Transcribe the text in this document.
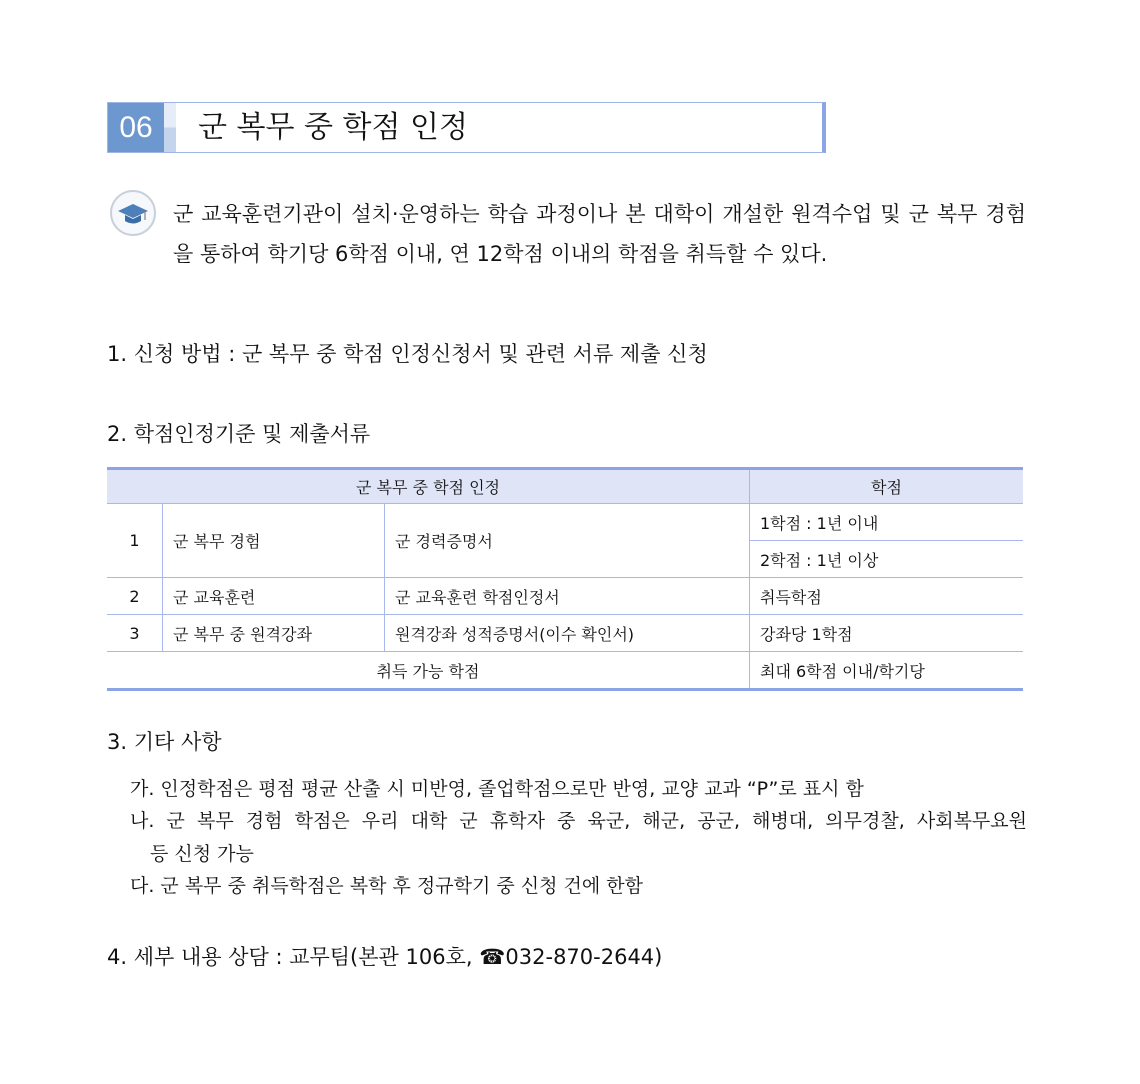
06	군 복무 중 학점 인정
군 교육훈련기관이 설치·운영하는 학습 과정이나 본 대학이 개설한 원격수업 및 군 복무 경험을 통하여 학기당 6학점 이내, 연 12학점 이내의 학점을 취득할 수 있다.
1. 신청 방법 : 군 복무 중 학점 인정신청서 및 관련 서류 제출 신청
2. 학점인정기준 및 제출서류
군 복무 중 학점 인정			학점
1	군 복무 경험	군 경력증명서	1학점 : 1년 이내
			2학점 : 1년 이상
2	군 교육훈련	군 교육훈련 학점인정서	취득학점
3	군 복무 중 원격강좌	원격강좌 성적증명서(이수 확인서)	강좌당 1학점
취득 가능 학점			최대 6학점 이내/학기당
3. 기타 사항
가. 인정학점은 평점 평균 산출 시 미반영, 졸업학점으로만 반영, 교양 교과 “P”로 표시 함
나. 군 복무 경험 학점은 우리 대학 군 휴학자 중 육군, 해군, 공군, 해병대, 의무경찰, 사회복무요원
등 신청 가능
다. 군 복무 중 취득학점은 복학 후 정규학기 중 신청 건에 한함
4. 세부 내용 상담 : 교무팀(본관 106호, ☎032-870-2644)
